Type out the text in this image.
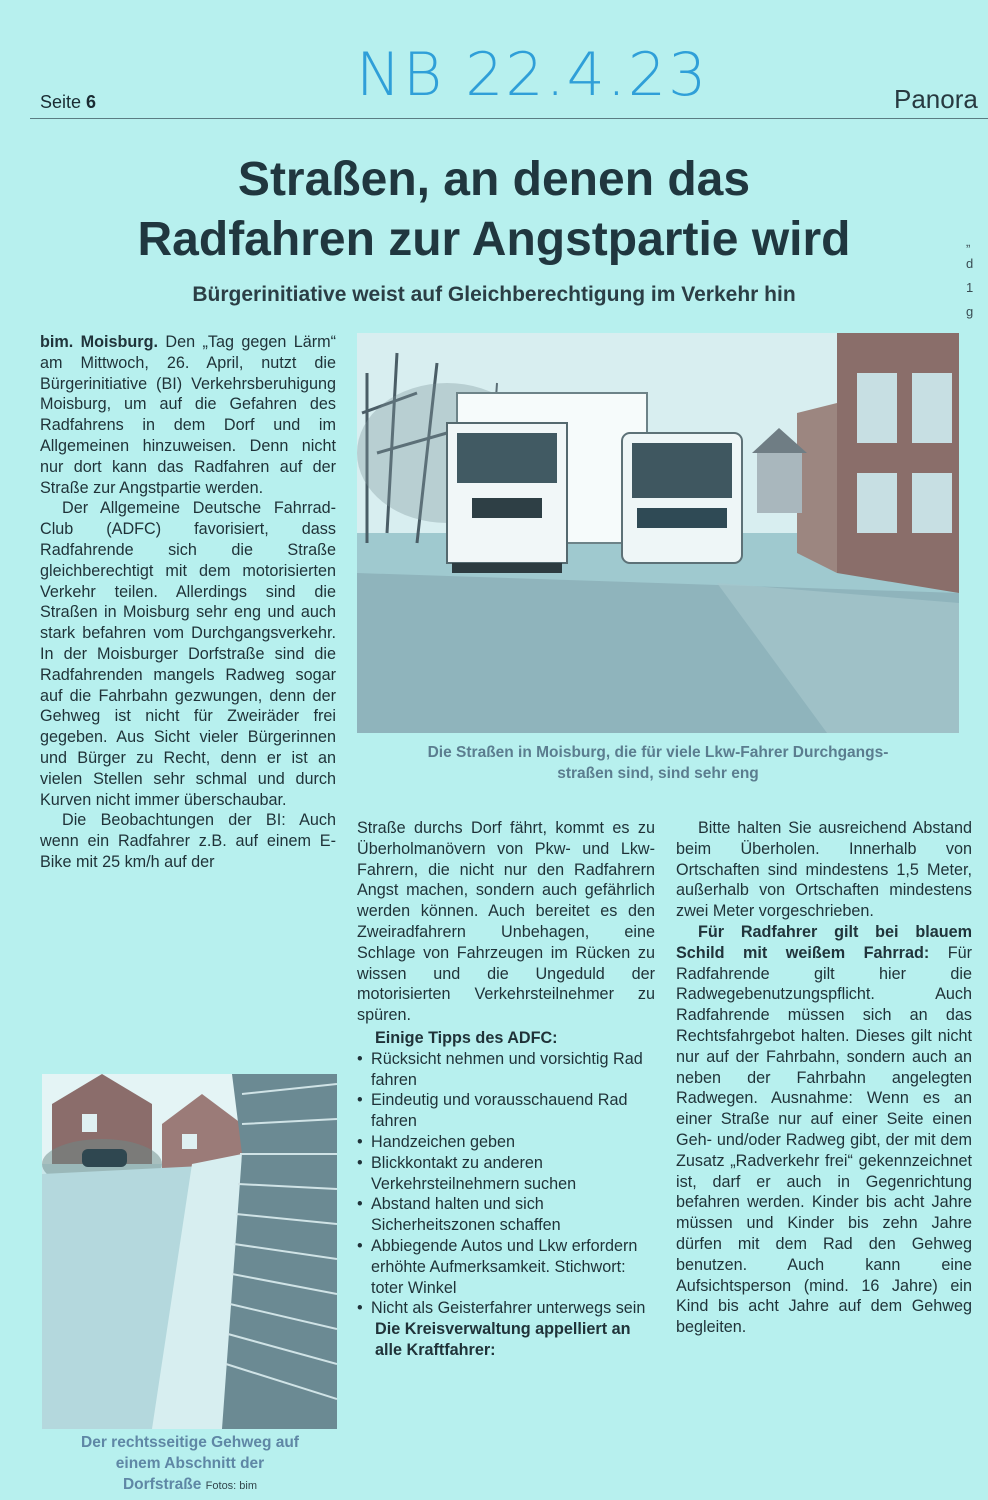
NB 22.4.23
Seite 6	Panora
„
d
1
g
Straßen, an denen das
Radfahren zur Angstpartie wird
Bürgerinitiative weist auf Gleichberechtigung im Verkehr hin
Die Straßen in Moisburg, die für viele Lkw-Fahrer Durchgangs-
straßen sind, sind sehr eng

bim. Moisburg. Den „Tag gegen Lärm“ am Mittwoch, 26. April, nutzt die Bürgerinitiative (BI) Verkehrsberuhigung Moisburg, um auf die Gefahren des Radfahrens in dem Dorf und im Allgemeinen hinzuweisen. Denn nicht nur dort kann das Radfahren auf der Straße zur Angstpartie werden.

Der Allgemeine Deutsche Fahrrad-Club (ADFC) favorisiert, dass Radfahrende sich die Straße gleichberechtigt mit dem motorisierten Verkehr teilen. Allerdings sind die Straßen in Moisburg sehr eng und auch stark befahren vom Durchgangsverkehr. In der Moisburger Dorfstraße sind die Radfahrenden mangels Radweg sogar auf die Fahrbahn gezwungen, denn der Gehweg ist nicht für Zweiräder frei gegeben. Aus Sicht vieler Bürgerinnen und Bürger zu Recht, denn er ist an vielen Stellen sehr schmal und durch Kurven nicht immer überschaubar.

Die Beobachtungen der BI: Auch wenn ein Radfahrer z.B. auf einem E-Bike mit 25 km/h auf der

Der rechtsseitige Gehweg auf
einem Abschnitt der
Dorfstraße Fotos: bim

Straße durchs Dorf fährt, kommt es zu Überholmanövern von Pkw- und Lkw-Fahrern, die nicht nur den Radfahrern Angst machen, sondern auch gefährlich werden können. Auch bereitet es den Zweiradfahrern Unbehagen, eine Schlage von Fahrzeugen im Rücken zu wissen und die Ungeduld der motorisierten Verkehrsteilnehmer zu spüren.

Einige Tipps des ADFC:
• Rücksicht nehmen und vorsichtig Rad fahren
• Eindeutig und vorausschauend Rad fahren
• Handzeichen geben
• Blickkontakt zu anderen Verkehrsteilnehmern suchen
• Abstand halten und sich Sicherheitszonen schaffen
• Abbiegende Autos und Lkw erfordern erhöhte Aufmerksamkeit. Stichwort: toter Winkel
• Nicht als Geisterfahrer unterwegs sein
Die Kreisverwaltung appelliert an alle Kraftfahrer:

Bitte halten Sie ausreichend Abstand beim Überholen. Innerhalb von Ortschaften sind mindestens 1,5 Meter, außerhalb von Ortschaften mindestens zwei Meter vorgeschrieben.

Für Radfahrer gilt bei blauem Schild mit weißem Fahrrad: Für Radfahrende gilt hier die Radwegebenutzungspflicht. Auch Radfahrende müssen sich an das Rechtsfahrgebot halten. Dieses gilt nicht nur auf der Fahrbahn, sondern auch an neben der Fahrbahn angelegten Radwegen. Ausnahme: Wenn es an einer Straße nur auf einer Seite einen Geh- und/oder Radweg gibt, der mit dem Zusatz „Radverkehr frei“ gekennzeichnet ist, darf er auch in Gegenrichtung befahren werden. Kinder bis acht Jahre müssen und Kinder bis zehn Jahre dürfen mit dem Rad den Gehweg benutzen. Auch kann eine Aufsichtsperson (mind. 16 Jahre) ein Kind bis acht Jahre auf dem Gehweg begleiten.
